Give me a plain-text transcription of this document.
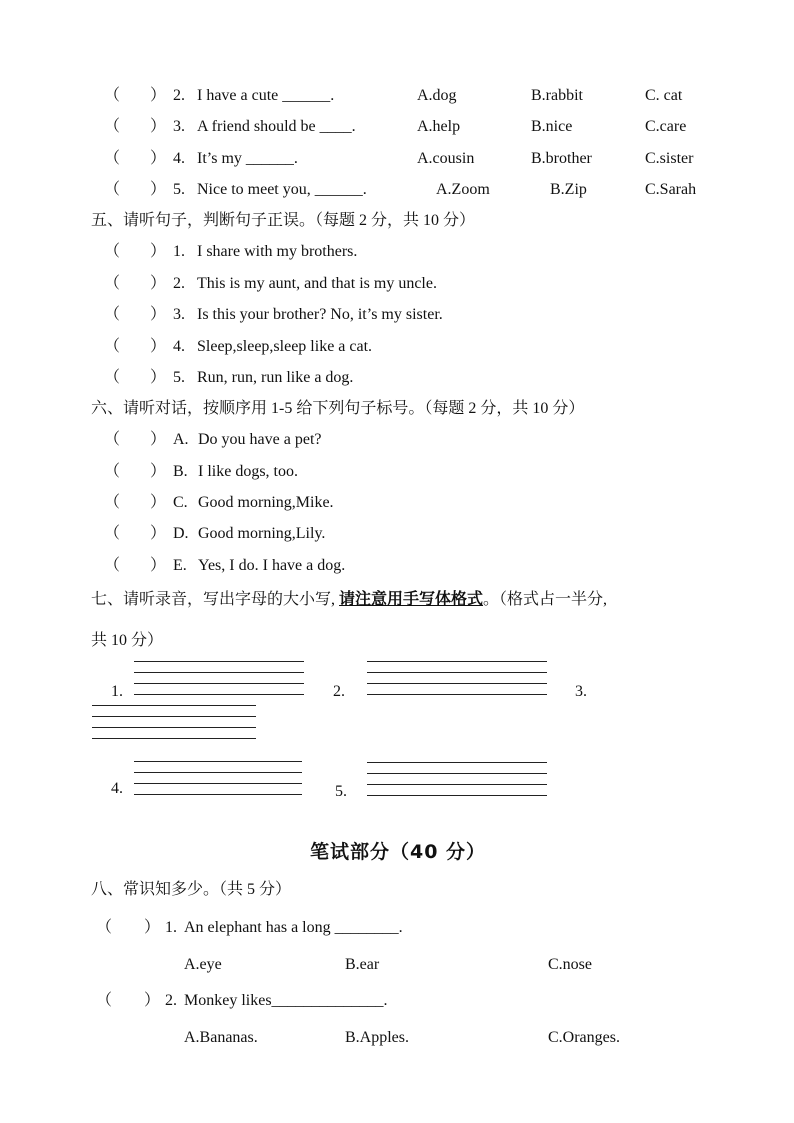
（ ） 2. I have a cute ______.	A.dog	B.rabbit	C. cat
（ ） 3. A friend should be ____.	A.help	B.nice	C.care
（ ） 4. It’s my ______.	A.cousin	B.brother	C.sister
（ ） 5. Nice to meet you, ______.	A.Zoom	B.Zip	C.Sarah
五、请听句子，判断句子正误。（每题 2 分，共 10 分）
（ ） 1. I share with my brothers.
（ ） 2. This is my aunt, and that is my uncle.
（ ） 3. Is this your brother? No, it’s my sister.
（ ） 4. Sleep,sleep,sleep like a cat.
（ ） 5. Run, run, run like a dog.
六、请听对话，按顺序用 1-5 给下列句子标号。（每题 2 分，共 10 分）
（ ） A. Do you have a pet?
（ ） B. I like dogs, too.
（ ） C. Good morning,Mike.
（ ） D. Good morning,Lily.
（ ） E. Yes, I do. I have a dog.
七、请听录音，写出字母的大小写, 请注意用手写体格式。（格式占一半分,
共 10 分）
1.	2.	3.
4.	5.
笔试部分（40 分）
八、常识知多少。（共 5 分）
（ ） 1. An elephant has a long ________.
A.eye	B.ear	C.nose
（ ） 2. Monkey likes______________.
A.Bananas.	B.Apples.	C.Oranges.
